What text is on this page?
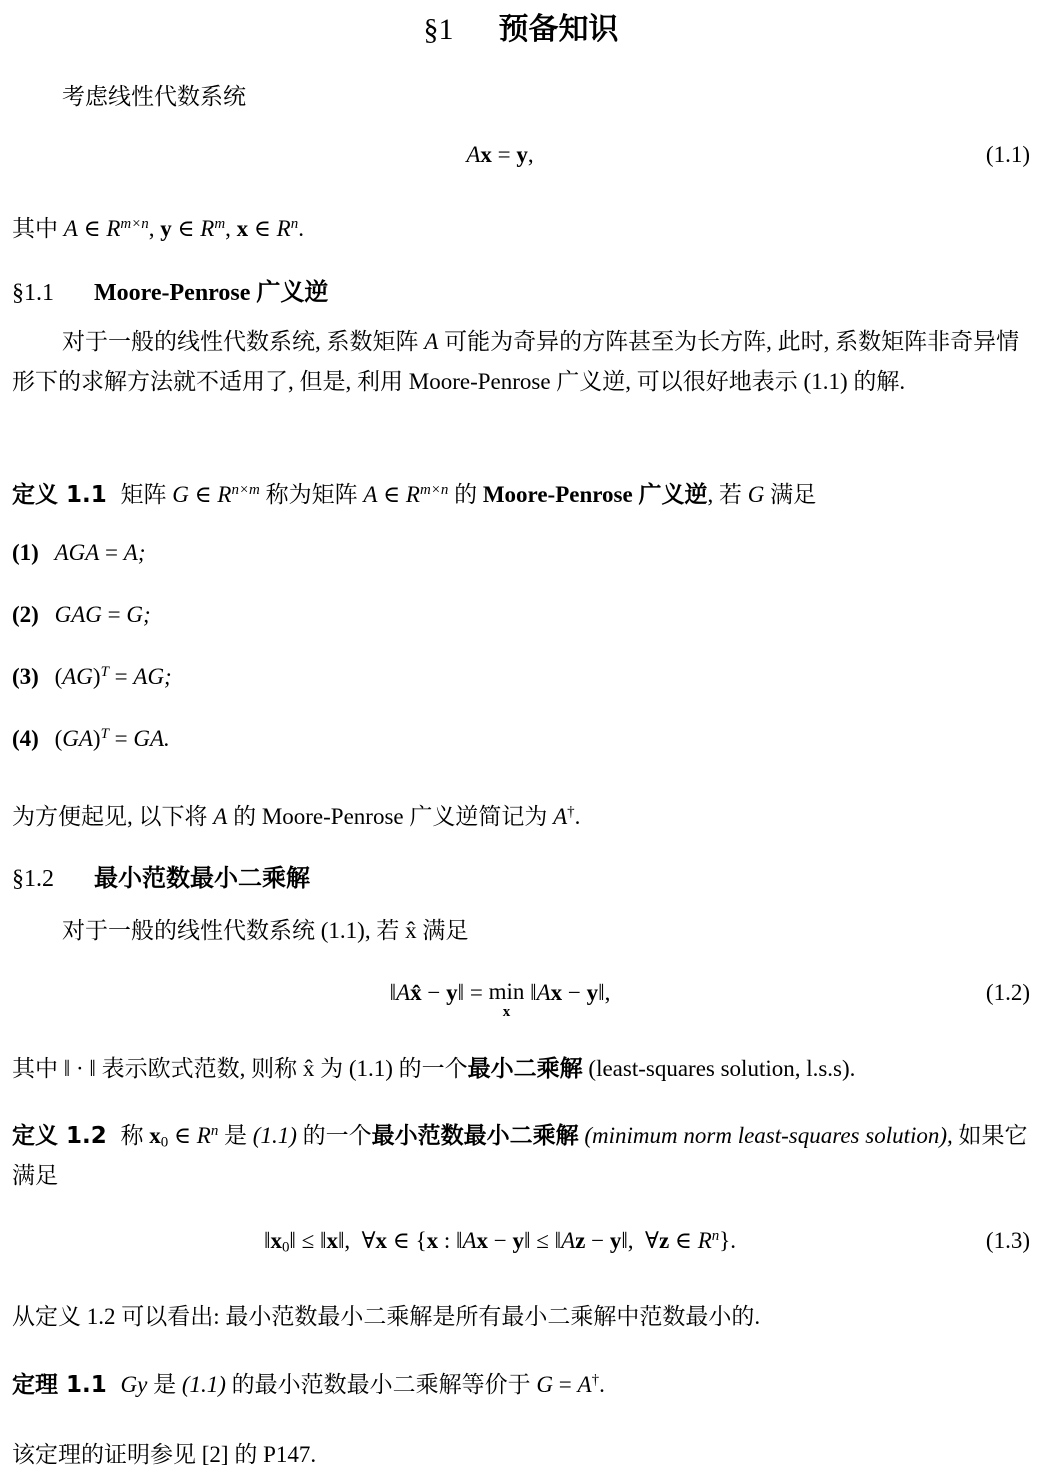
§1 预备知识
考虑线性代数系统
Ax = y,	(1.1)
其中 A ∈ $R^{m\times n}$, y ∈ $R^m$, x ∈ $R^n$.
§1.1 Moore-Penrose 广义逆
对于一般的线性代数系统, 系数矩阵 A 可能为奇异的方阵甚至为长方阵, 此时, 系数矩阵非奇异情形下的求解方法就不适用了, 但是, 利用 Moore-Penrose 广义逆, 可以很好地表示 (1.1) 的解.
定义 1.1 矩阵 G ∈ $R^{n\times m}$ 称为矩阵 A ∈ $R^{m\times n}$ 的 Moore-Penrose 广义逆, 若 G 满足
(1) AGA = A;
(2) GAG = G;
(3) (AG)$^T$ = AG;
(4) (GA)$^T$ = GA.
为方便起见, 以下将 A 的 Moore-Penrose 广义逆简记为 A†.
§1.2 最小范数最小二乘解
对于一般的线性代数系统 (1.1), 若 x̂ 满足
‖Ax̂ − y‖ = min
x
‖Ax − y‖,	(1.2)
其中 ‖ · ‖ 表示欧式范数, 则称 x̂ 为 (1.1) 的一个最小二乘解 (least-squares solution, l.s.s).
定义 1.2 称 $x_0$ ∈ $R^n$ 是 (1.1) 的一个最小范数最小二乘解 (minimum norm least-squares solution), 如果它满足
$‖x_0‖$ ≤ ‖x‖,  ∀x ∈ {x : ‖Ax − y‖ ≤ ‖Az − y‖,  ∀z ∈ $R^n$}.	(1.3)
从定义 1.2 可以看出: 最小范数最小二乘解是所有最小二乘解中范数最小的.
定理 1.1 Gy 是 (1.1) 的最小范数最小二乘解等价于 G = A†.
该定理的证明参见 [2] 的 P147.
